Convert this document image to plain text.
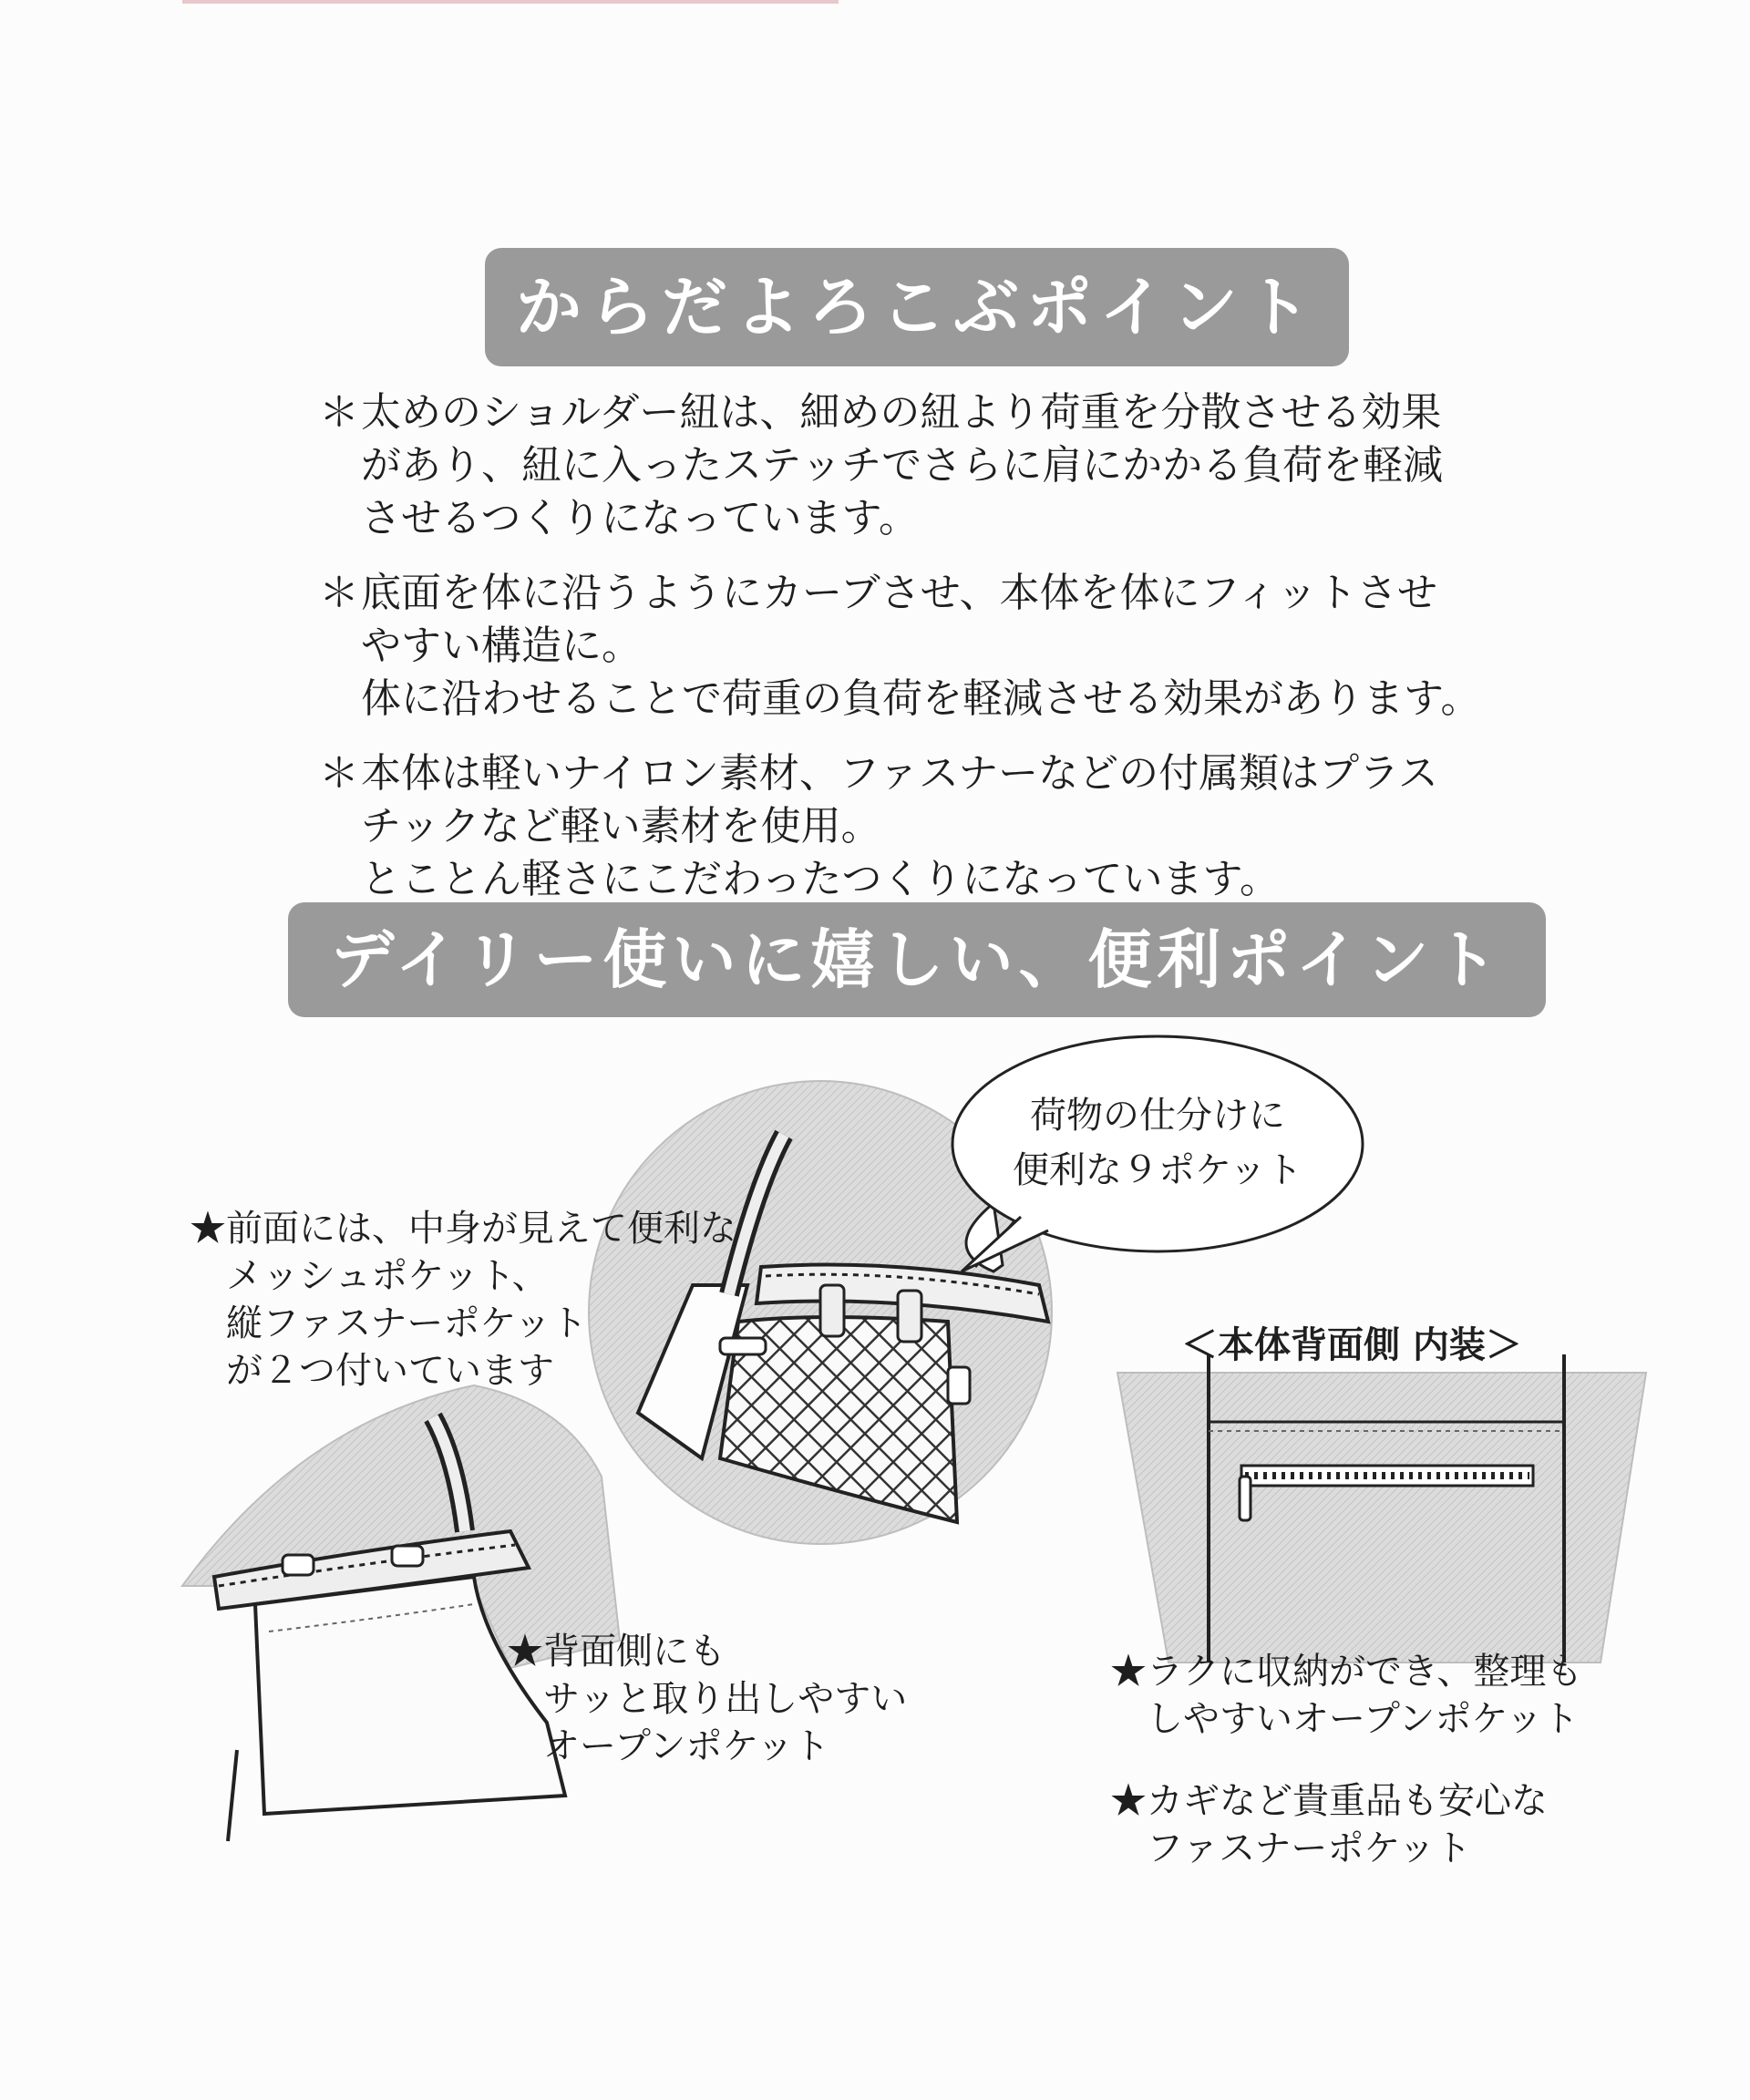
からだよろこぶポイント
＊ 太めのショルダー紐は、細めの紐より荷重を分散させる効果

があり、紐に入ったステッチでさらに肩にかかる負荷を軽減

させるつくりになっています。

＊ 底面を体に沿うようにカーブさせ、本体を体にフィットさせ

やすい構造に。

体に沿わせることで荷重の負荷を軽減させる効果があります。

＊ 本体は軽いナイロン素材、ファスナーなどの付属類はプラス

チックなど軽い素材を使用。

とことん軽さにこだわったつくりになっています。

デイリー使いに嬉しい、便利ポイント

荷物の仕分けに

便利な９ポケット

★前面には、中身が見えて便利な

メッシュポケット、

縦ファスナーポケット

が２つ付いています

★背面側にも

サッと取り出しやすい

オープンポケット

＜本体背面側 内装＞

★ラクに収納ができ、整理も

しやすいオープンポケット

★カギなど貴重品も安心な

ファスナーポケット
